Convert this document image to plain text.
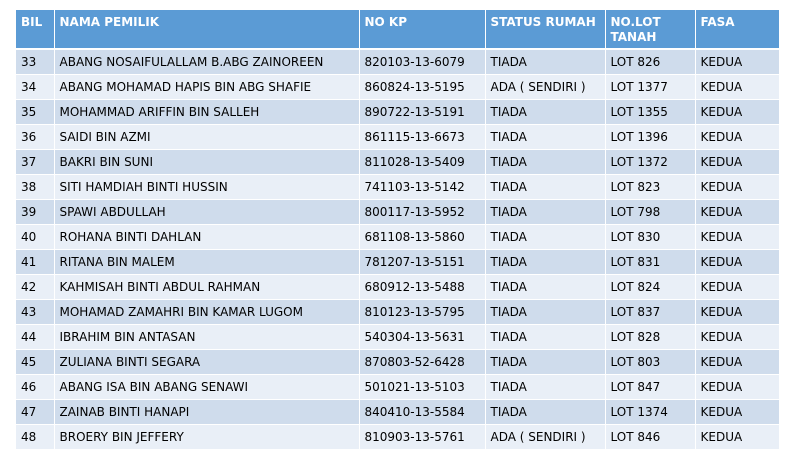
BIL	NAMA PEMILIK	NO KP	STATUS RUMAH	NO.LOT TANAH	FASA
33	ABANG NOSAIFULALLAM B.ABG ZAINOREEN	820103-13-6079	TIADA	LOT 826	KEDUA
34	ABANG MOHAMAD HAPIS BIN ABG SHAFIE	860824-13-5195	ADA ( SENDIRI )	LOT 1377	KEDUA
35	MOHAMMAD ARIFFIN BIN SALLEH	890722-13-5191	TIADA	LOT 1355	KEDUA
36	SAIDI BIN AZMI	861115-13-6673	TIADA	LOT 1396	KEDUA
37	BAKRI BIN SUNI	811028-13-5409	TIADA	LOT 1372	KEDUA
38	SITI HAMDIAH BINTI HUSSIN	741103-13-5142	TIADA	LOT 823	KEDUA
39	SPAWI ABDULLAH	800117-13-5952	TIADA	LOT 798	KEDUA
40	ROHANA BINTI DAHLAN	681108-13-5860	TIADA	LOT 830	KEDUA
41	RITANA BIN MALEM	781207-13-5151	TIADA	LOT 831	KEDUA
42	KAHMISAH BINTI ABDUL RAHMAN	680912-13-5488	TIADA	LOT 824	KEDUA
43	MOHAMAD ZAMAHRI BIN KAMAR LUGOM	810123-13-5795	TIADA	LOT 837	KEDUA
44	IBRAHIM BIN ANTASAN	540304-13-5631	TIADA	LOT 828	KEDUA
45	ZULIANA BINTI SEGARA	870803-52-6428	TIADA	LOT 803	KEDUA
46	ABANG ISA BIN ABANG SENAWI	501021-13-5103	TIADA	LOT 847	KEDUA
47	ZAINAB BINTI HANAPI	840410-13-5584	TIADA	LOT 1374	KEDUA
48	BROERY BIN JEFFERY	810903-13-5761	ADA ( SENDIRI )	LOT 846	KEDUA
